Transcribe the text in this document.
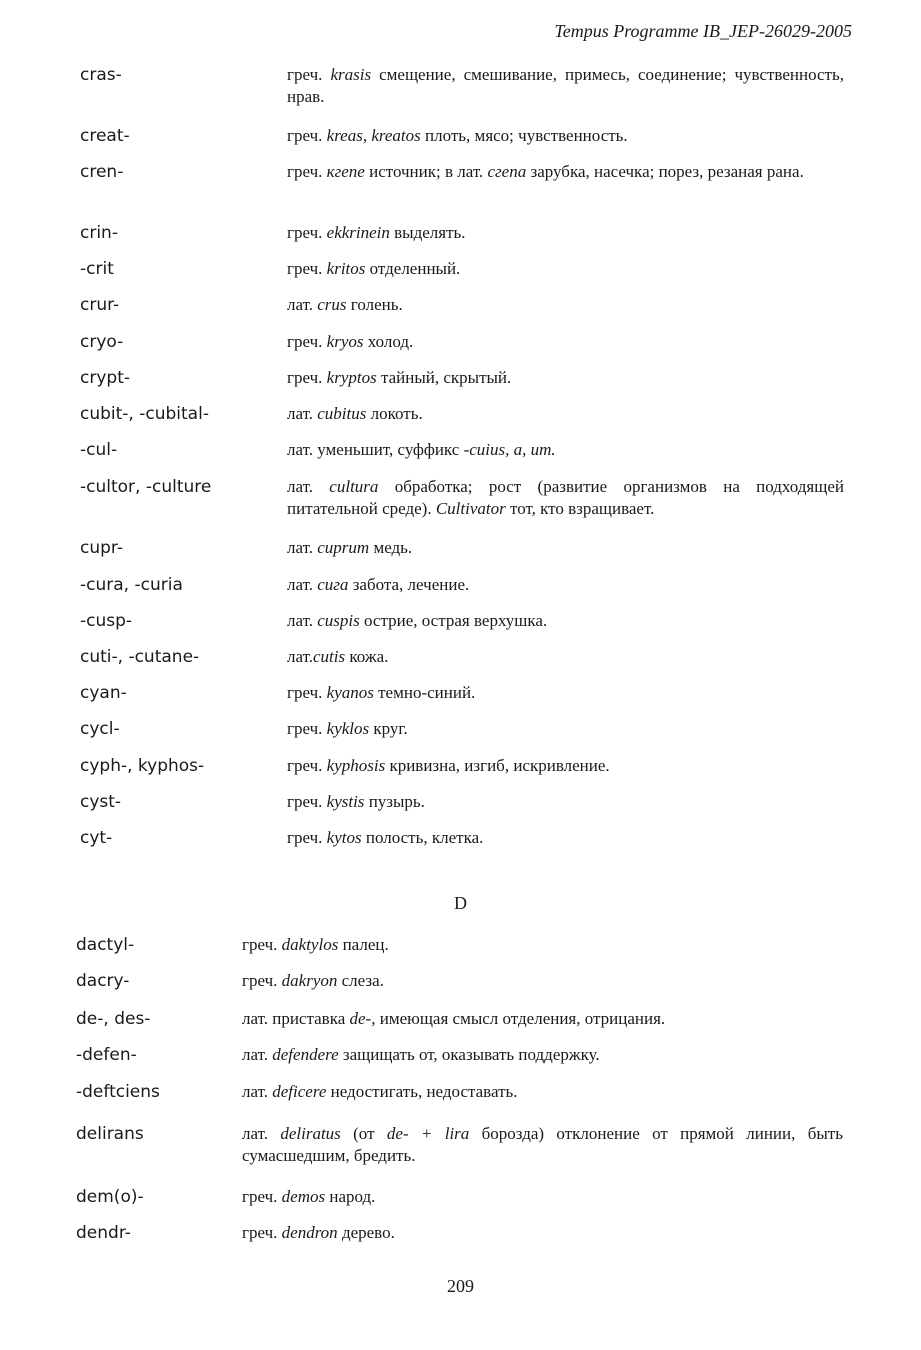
Tempus Programme IB_JEP-26029-2005
cras-	греч. krasis смещение, смешивание, примесь, соединение; чувственность, нрав.
creat-	греч. kreas, kreatos плоть, мясо; чувственность.
cren-	греч. кгепе источник; в лат. сгепа зарубка, насечка; порез, резаная рана.
crin-	греч. ekkrinein выделять.
-crit	греч. kritos отделенный.
crur-	лат. crus голень.
cryo-	греч. kryos холод.
crypt-	греч. kryptos тайный, скрытый.
cubit-, -cubital-	лат. cubitus локоть.
-cul-	лат. уменьшит, суффикс -cuius, a, um.
-cultor, -culture	лат. cultura обработка; рост (развитие организмов на подходящей питательной среде). Cultivator тот, кто взращивает.
cupr-	лат. cuprum медь.
-cura, -curia	лат. сига забота, лечение.
-cusp-	лат. cuspis острие, острая верхушка.
cuti-, -cutane-	лат.cutis кожа.
cyan-	греч. kyanos темно-синий.
cycl-	греч. kyklos круг.
cyph-, kyphos-	греч. kyphosis кривизна, изгиб, искривление.
cyst-	греч. kystis пузырь.
cyt-	греч. kytos полость, клетка.
D
dactyl-	греч. daktylos палец.
dacry-	греч. dakryon слеза.
de-, des-	лат. приставка de-, имеющая смысл отделения, отрицания.
-defen-	лат. defendere защищать от, оказывать поддержку.
-deftciens	лат. deficere недостигать, недоставать.
delirans	лат. deliratus (от de- + lira борозда) отклонение от прямой линии, быть сумасшедшим, бредить.
dem(o)-	греч. demos народ.
dendr-	греч. dendron дерево.
209
